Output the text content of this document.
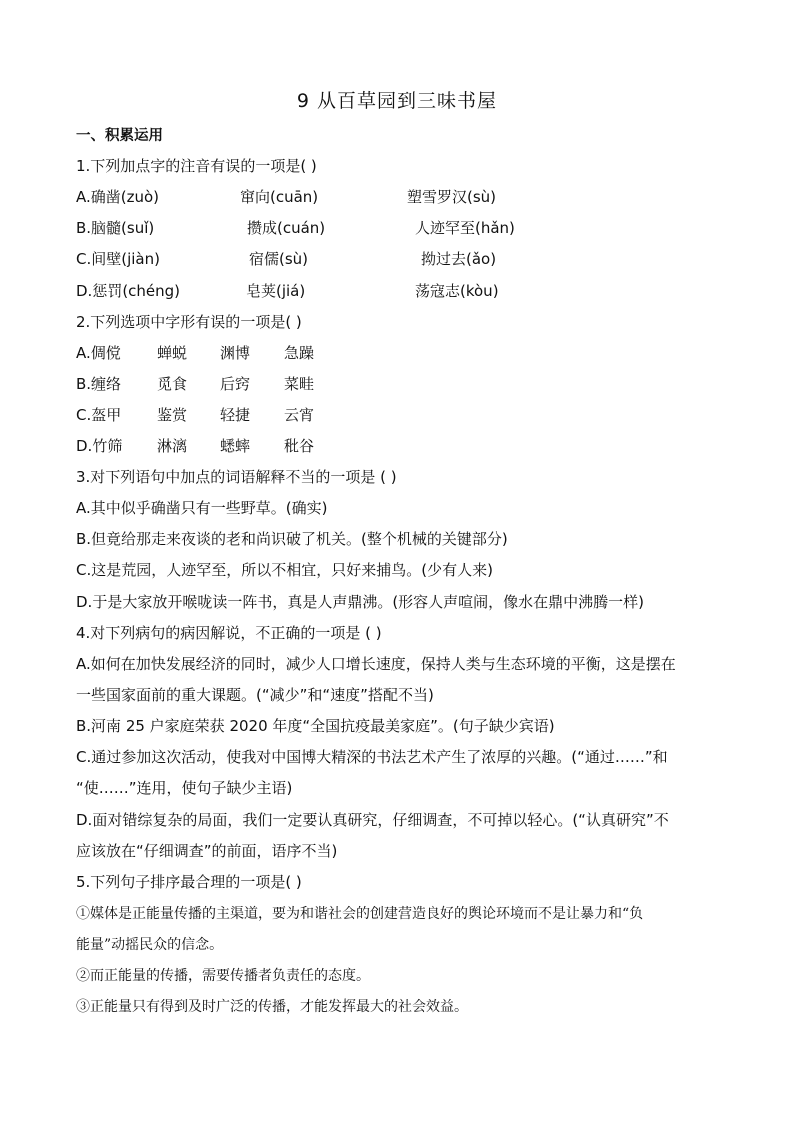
9 从百草园到三味书屋
一、积累运用
1.下列加点字的注音有误的一项是( )
A.确凿(zuò)	窜向(cuān)	塑雪罗汉(sù)
B.脑髓(suǐ)	攒成(cuán)	人迹罕至(hǎn)
C.间壁(jiàn)	宿儒(sù)	拗过去(ǎo)
D.惩罚(chéng)	皂荚(jiá)	荡寇志(kòu)
2.下列选项中字形有误的一项是( )
A.倜傥 蝉蜕 渊博 急躁
B.缠络 觅食 后窍 菜畦
C.盔甲 鉴赏 轻捷 云宵
D.竹筛 淋漓 蟋蟀 秕谷
3.对下列语句中加点的词语解释不当的一项是 ( )
A.其中似乎确凿只有一些野草。(确实)
B.但竟给那走来夜谈的老和尚识破了机关。(整个机械的关键部分)
C.这是荒园，人迹罕至，所以不相宜，只好来捕鸟。(少有人来)
D.于是大家放开喉咙读一阵书，真是人声鼎沸。(形容人声喧闹，像水在鼎中沸腾一样)
4.对下列病句的病因解说，不正确的一项是 ( )
A.如何在加快发展经济的同时，减少人口增长速度，保持人类与生态环境的平衡，这是摆在
一些国家面前的重大课题。(“减少”和“速度”搭配不当)
B.河南 25 户家庭荣获 2020 年度“全国抗疫最美家庭”。(句子缺少宾语)
C.通过参加这次活动，使我对中国博大精深的书法艺术产生了浓厚的兴趣。(“通过……”和
“使……”连用，使句子缺少主语)
D.面对错综复杂的局面，我们一定要认真研究，仔细调查，不可掉以轻心。(“认真研究”不
应该放在“仔细调查”的前面，语序不当)
5.下列句子排序最合理的一项是( )
①媒体是正能量传播的主渠道，要为和谐社会的创建营造良好的舆论环境而不是让暴力和“负
能量”动摇民众的信念。
②而正能量的传播，需要传播者负责任的态度。
③正能量只有得到及时广泛的传播，才能发挥最大的社会效益。
